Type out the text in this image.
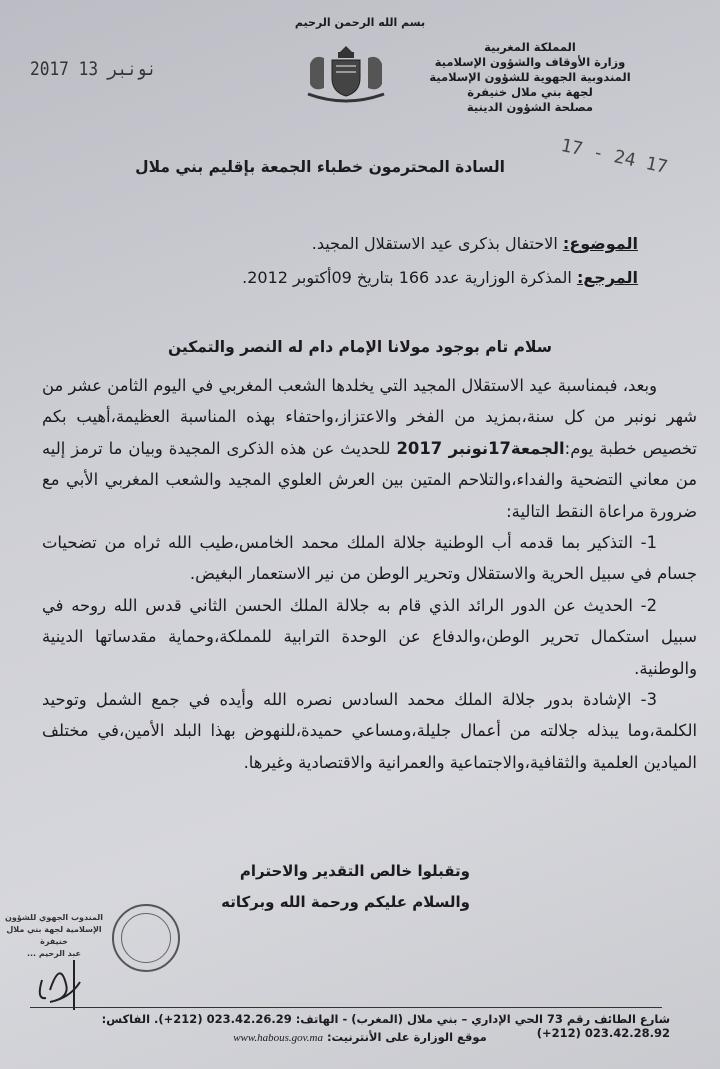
بسم الله الرحمن الرحيم
المملكة المغربية
وزارة الأوقاف والشؤون الإسلامية
المندوبية الجهوية للشؤون الإسلامية
لجهة بني ملال خنيفرة
مصلحة الشؤون الدينية
2017 نونبر 13
17 - 24 17
السادة المحترمون خطباء الجمعة بإقليم بني ملال
الموضوع: الاحتفال بذكرى عيد الاستقلال المجيد.
المرجع: المذكرة الوزارية عدد 166 بتاريخ 09أكتوبر 2012.
سلام تام بوجود مولانا الإمام دام له النصر والتمكين

وبعد، فبمناسبة عيد الاستقلال المجيد التي يخلدها الشعب المغربي في اليوم الثامن عشر من شهر نونبر من كل سنة،بمزيد من الفخر والاعتزاز،واحتفاء بهذه المناسبة العظيمة،أهيب بكم تخصيص خطبة يوم:الجمعة17نونبر 2017 للحديث عن هذه الذكرى المجيدة وبيان ما ترمز إليه من معاني التضحية والفداء،والتلاحم المتين بين العرش العلوي المجيد والشعب المغربي الأبي مع ضرورة مراعاة النقط التالية:

1- التذكير بما قدمه أب الوطنية جلالة الملك محمد الخامس،طيب الله ثراه من تضحيات جسام في سبيل الحرية والاستقلال وتحرير الوطن من نير الاستعمار البغيض.

2- الحديث عن الدور الرائد الذي قام به جلالة الملك الحسن الثاني قدس الله روحه في سبيل استكمال تحرير الوطن،والدفاع عن الوحدة الترابية للمملكة،وحماية مقدساتها الدينية والوطنية.

3- الإشادة بدور جلالة الملك محمد السادس نصره الله وأيده في جمع الشمل وتوحيد الكلمة،وما يبذله جلالته من أعمال جليلة،ومساعي حميدة،للنهوض بهذا البلد الأمين،في مختلف الميادين العلمية والثقافية،والاجتماعية والعمرانية والاقتصادية وغيرها.

وتقبلوا خالص التقدير والاحترام
والسلام عليكم ورحمة الله وبركاته
المندوب الجهوي للشؤون
الإسلامية لجهة بني ملال خنيفرة
عبد الرحيم ...
شارع الطائف رقم 73 الحي الإداري – بني ملال (المغرب) - الهاتف: 023.42.26.29 (212+). الفاكس: 023.42.28.92 (212+)
موقع الوزارة على الأنترنيت: www.habous.gov.ma
